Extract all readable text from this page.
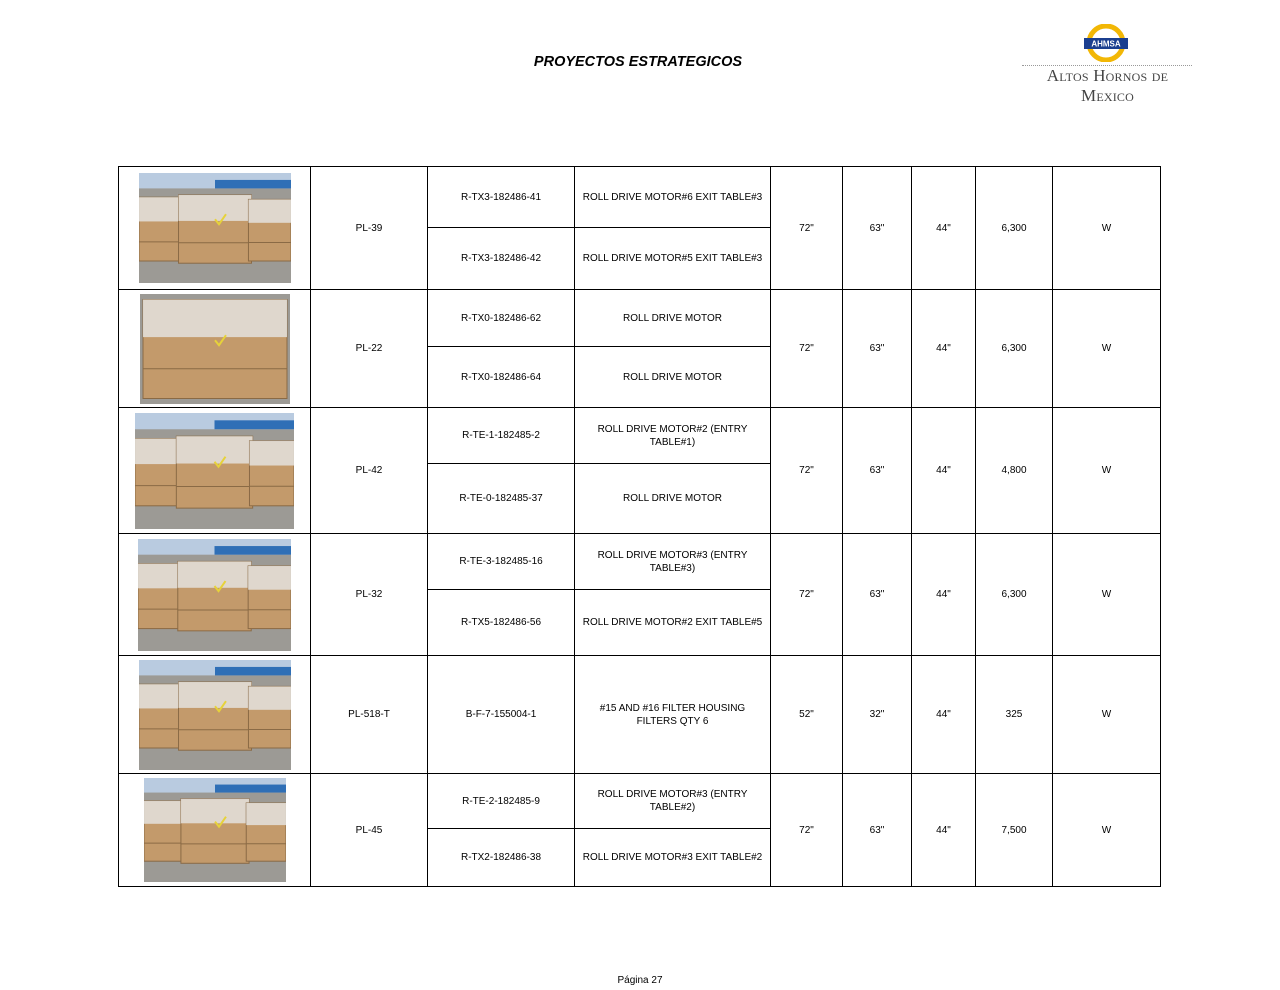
PROYECTOS ESTRATEGICOS
AHMSA
Altos Hornos de Mexico
	PL-39	R-TX3-182486-41	ROLL DRIVE MOTOR#6 EXIT TABLE#3	72"	63"	44"	6,300	W
		R-TX3-182486-42	ROLL DRIVE MOTOR#5 EXIT TABLE#3					

	PL-22	R-TX0-182486-62	ROLL DRIVE MOTOR	72"	63"	44"	6,300	W
		R-TX0-182486-64	ROLL DRIVE MOTOR					

	PL-42	R-TE-1-182485-2	ROLL DRIVE MOTOR#2 (ENTRY TABLE#1)	72"	63"	44"	4,800	W
		R-TE-0-182485-37	ROLL DRIVE MOTOR					

	PL-32	R-TE-3-182485-16	ROLL DRIVE MOTOR#3 (ENTRY TABLE#3)	72"	63"	44"	6,300	W
		R-TX5-182486-56	ROLL DRIVE MOTOR#2 EXIT TABLE#5					

	PL-518-T	B-F-7-155004-1	#15 AND #16 FILTER HOUSING FILTERS QTY 6	52"	32"	44"	325	W

	PL-45	R-TE-2-182485-9	ROLL DRIVE MOTOR#3 (ENTRY TABLE#2)	72"	63"	44"	7,500	W
		R-TX2-182486-38	ROLL DRIVE MOTOR#3 EXIT TABLE#2					
Página 27
